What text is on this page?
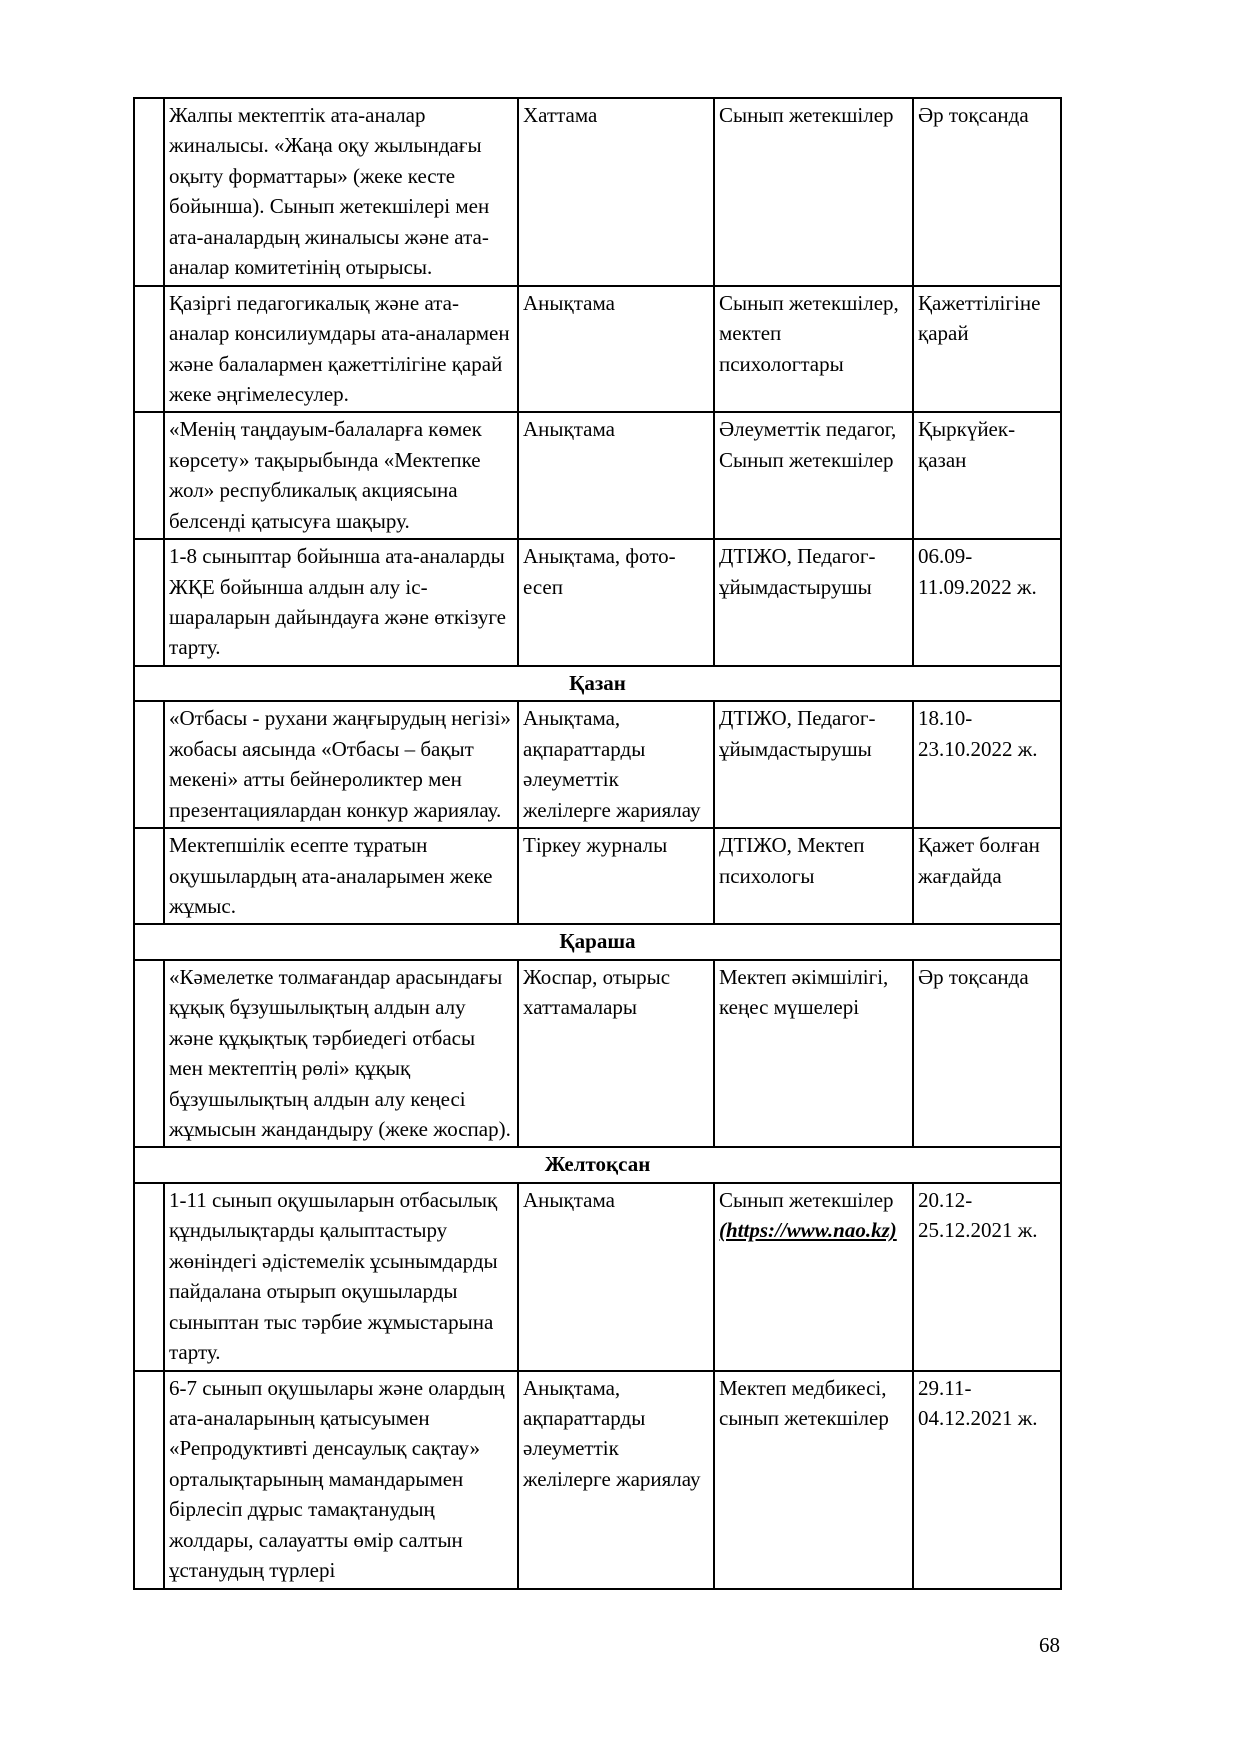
	Жалпы мектептік ата-аналар жиналысы. «Жаңа оқу жылындағы оқыту форматтары» (жеке кесте бойынша). Сынып жетекшілері мен ата-аналардың жиналысы және ата-аналар комитетінің отырысы.	Хаттама	Сынып жетекшілер	Әр тоқсанда
	Қазіргі педагогикалық және ата-аналар консилиумдары ата-аналармен және балалармен қажеттілігіне қарай жеке әңгімелесулер.	Анықтама	Сынып жетекшілер, мектеп психологтары	Қажеттілігіне қарай
	«Менің таңдауым-балаларға көмек көрсету» тақырыбында «Мектепке жол» республикалық акциясына белсенді қатысуға шақыру.	Анықтама	Әлеуметтік педагог, Сынып жетекшілер	Қыркүйек-қазан
	1-8 сыныптар бойынша ата-аналарды ЖҚЕ бойынша алдын алу іс-шараларын дайындауға және өткізуге тарту.	Анықтама, фото-есеп	ДТІЖО, Педагог-ұйымдастырушы	06.09-11.09.2022 ж.
Қазан				
	«Отбасы - рухани жаңғырудың негізі» жобасы аясында «Отбасы – бақыт мекені» атты бейнероликтер мен презентациялардан конкур жариялау.	Анықтама, ақпараттарды әлеуметтік желілерге жариялау	ДТІЖО, Педагог-ұйымдастырушы	18.10-23.10.2022 ж.
	Мектепшілік есепте тұратын оқушылардың ата-аналарымен жеке жұмыс.	Тіркеу журналы	ДТІЖО, Мектеп психологы	Қажет болған жағдайда
Қараша				
	«Кәмелетке толмағандар арасындағы құқық бұзушылықтың алдын алу және құқықтық тәрбиедегі отбасы мен мектептің рөлі» құқық бұзушылықтың алдын алу кеңесі жұмысын жандандыру (жеке жоспар).	Жоспар, отырыс хаттамалары	Мектеп әкімшілігі, кеңес мүшелері	Әр тоқсанда
Желтоқсан				
	1-11 сынып оқушыларын отбасылық құндылықтарды қалыптастыру жөніндегі әдістемелік ұсынымдарды пайдалана отырып оқушыларды сыныптан тыс тәрбие жұмыстарына тарту.	Анықтама	Сынып жетекшілер (https://www.nao.kz)	20.12-25.12.2021 ж.
	6-7 сынып оқушылары және олардың ата-аналарының қатысуымен «Репродуктивті денсаулық сақтау» орталықтарының мамандарымен бірлесіп дұрыс тамақтанудың жолдары, салауатты өмір салтын ұстанудың түрлері	Анықтама, ақпараттарды әлеуметтік желілерге жариялау	Мектеп медбикесі, сынып жетекшілер	29.11-04.12.2021 ж.
68
